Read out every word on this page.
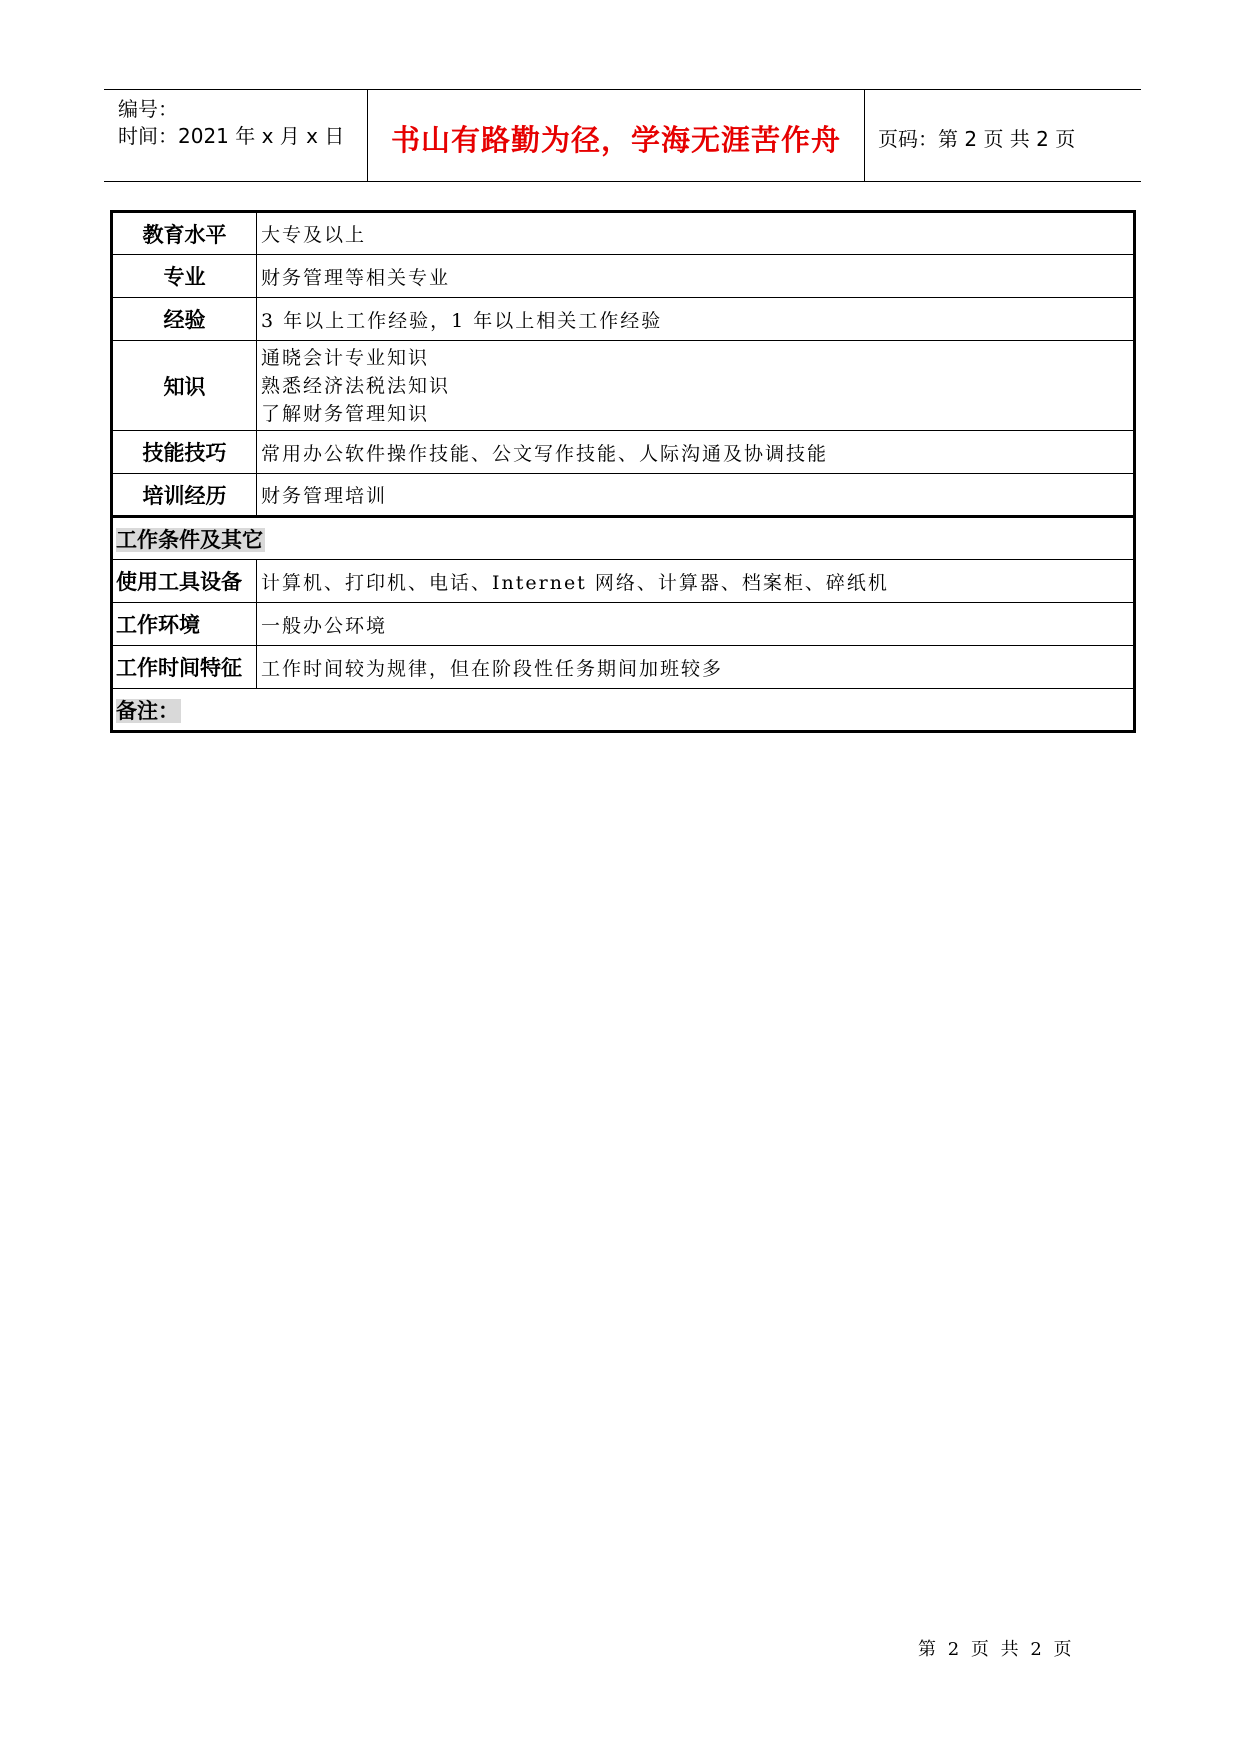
编号：
时间：2021 年 x 月 x 日	书山有路勤为径，学海无涯苦作舟	页码：第 2 页 共 2 页
教育水平	大专及以上
专业	财务管理等相关专业
经验	3 年以上工作经验，1 年以上相关工作经验
知识	通晓会计专业知识
熟悉经济法税法知识
了解财务管理知识

技能技巧	常用办公软件操作技能、公文写作技能、人际沟通及协调技能
培训经历	财务管理培训
工作条件及其它	
使用工具设备	计算机、打印机、电话、Internet 网络、计算器、档案柜、碎纸机
工作环境	一般办公环境
工作时间特征	工作时间较为规律，但在阶段性任务期间加班较多
备注：	
第 2 页 共 2 页
